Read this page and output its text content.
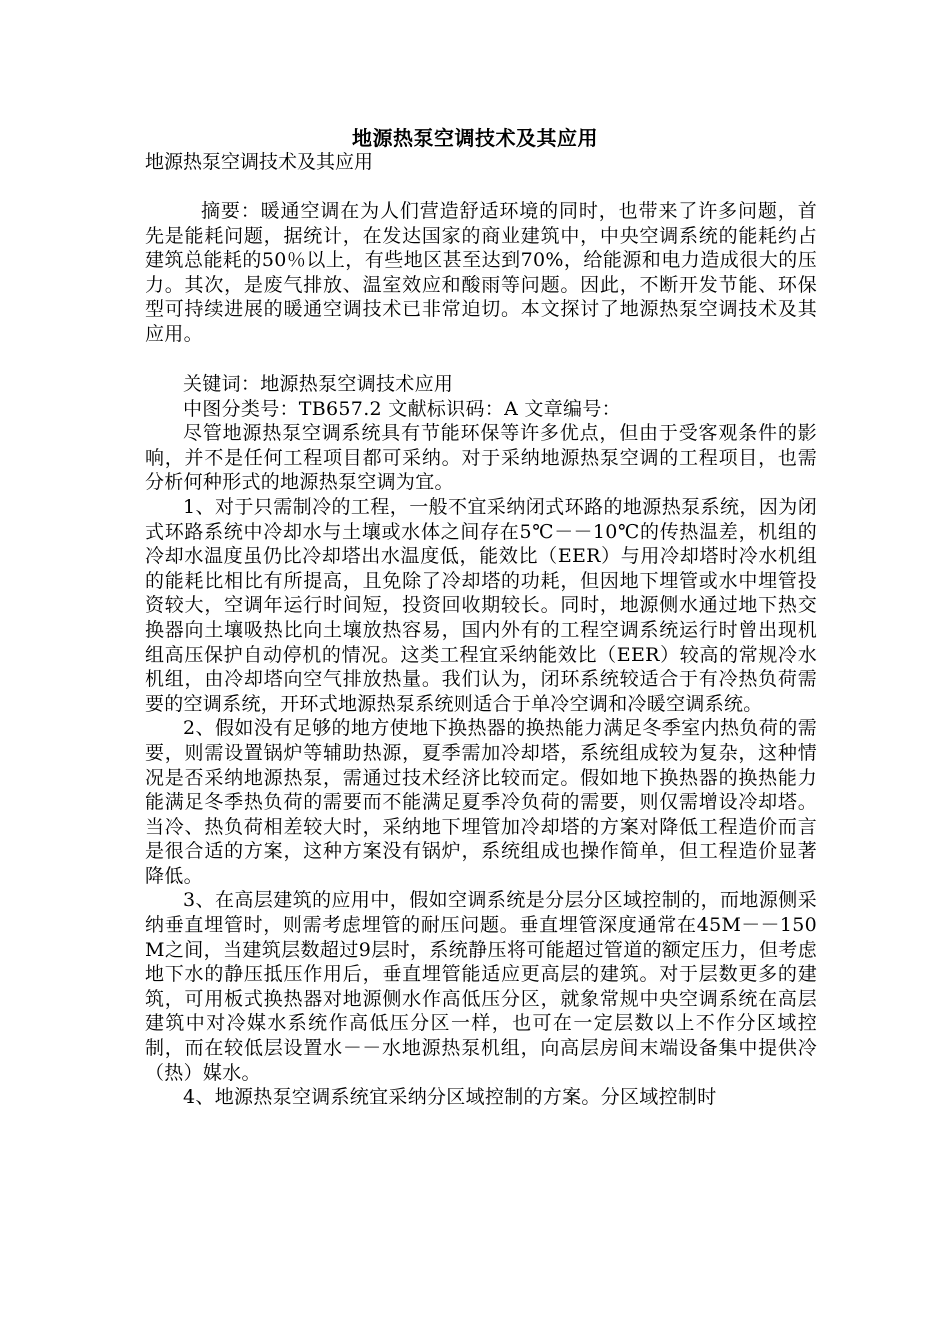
地源热泵空调技术及其应用
地源热泵空调技术及其应用

摘要：暖通空调在为人们营造舒适环境的同时，也带来了许多问题，首先是能耗问题，据统计，在发达国家的商业建筑中，中央空调系统的能耗约占建筑总能耗的50％以上，有些地区甚至达到70%，给能源和电力造成很大的压力。其次，是废气排放、温室效应和酸雨等问题。因此，不断开发节能、环保型可持续进展的暖通空调技术已非常迫切。本文探讨了地源热泵空调技术及其应用。

关键词：地源热泵空调技术应用

中图分类号：TB657.2 文献标识码：A 文章编号：

尽管地源热泵空调系统具有节能环保等许多优点，但由于受客观条件的影响，并不是任何工程项目都可采纳。对于采纳地源热泵空调的工程项目，也需分析何种形式的地源热泵空调为宜。

1、对于只需制冷的工程，一般不宜采纳闭式环路的地源热泵系统，因为闭式环路系统中冷却水与土壤或水体之间存在5℃－－10℃的传热温差，机组的冷却水温度虽仍比冷却塔出水温度低，能效比（EER）与用冷却塔时冷水机组的能耗比相比有所提高，且免除了冷却塔的功耗，但因地下埋管或水中埋管投资较大，空调年运行时间短，投资回收期较长。同时，地源侧水通过地下热交换器向土壤吸热比向土壤放热容易，国内外有的工程空调系统运行时曾出现机组高压保护自动停机的情况。这类工程宜采纳能效比（EER）较高的常规冷水机组，由冷却塔向空气排放热量。我们认为，闭环系统较适合于有冷热负荷需要的空调系统，开环式地源热泵系统则适合于单冷空调和冷暖空调系统。

2、假如没有足够的地方使地下换热器的换热能力满足冬季室内热负荷的需要，则需设置锅炉等辅助热源，夏季需加冷却塔，系统组成较为复杂，这种情况是否采纳地源热泵，需通过技术经济比较而定。假如地下换热器的换热能力能满足冬季热负荷的需要而不能满足夏季冷负荷的需要，则仅需增设冷却塔。当冷、热负荷相差较大时，采纳地下埋管加冷却塔的方案对降低工程造价而言是很合适的方案，这种方案没有锅炉，系统组成也操作简单，但工程造价显著降低。

3、在高层建筑的应用中，假如空调系统是分层分区域控制的，而地源侧采纳垂直埋管时，则需考虑埋管的耐压问题。垂直埋管深度通常在45M－－150M之间，当建筑层数超过9层时，系统静压将可能超过管道的额定压力，但考虑地下水的静压抵压作用后，垂直埋管能适应更高层的建筑。对于层数更多的建筑，可用板式换热器对地源侧水作高低压分区，就象常规中央空调系统在高层建筑中对冷媒水系统作高低压分区一样，也可在一定层数以上不作分区域控制，而在较低层设置水－－水地源热泵机组，向高层房间末端设备集中提供冷（热）媒水。

4、地源热泵空调系统宜采纳分区域控制的方案。分区域控制时
